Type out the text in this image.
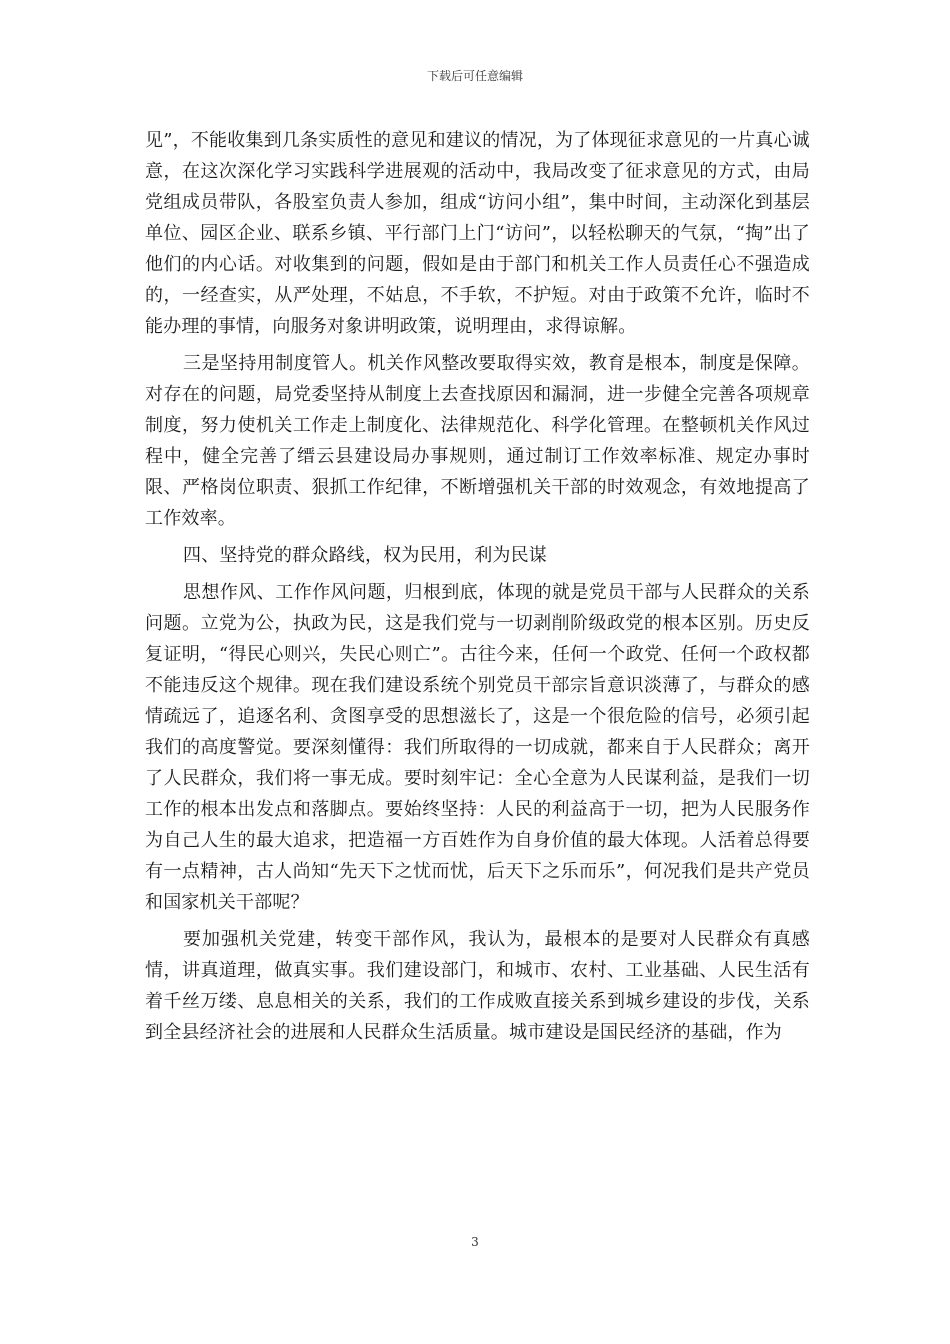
下载后可任意编辑

见”，不能收集到几条实质性的意见和建议的情况，为了体现征求意见的一片真心诚意，在这次深化学习实践科学进展观的活动中，我局改变了征求意见的方式，由局党组成员带队，各股室负责人参加，组成“访问小组”，集中时间，主动深化到基层单位、园区企业、联系乡镇、平行部门上门“访问”，以轻松聊天的气氛，“掏”出了他们的内心话。对收集到的问题，假如是由于部门和机关工作人员责任心不强造成的，一经查实，从严处理，不姑息，不手软，不护短。对由于政策不允许，临时不能办理的事情，向服务对象讲明政策，说明理由，求得谅解。

三是坚持用制度管人。机关作风整改要取得实效，教育是根本，制度是保障。对存在的问题，局党委坚持从制度上去查找原因和漏洞，进一步健全完善各项规章制度，努力使机关工作走上制度化、法律规范化、科学化管理。在整顿机关作风过程中，健全完善了缙云县建设局办事规则，通过制订工作效率标准、规定办事时限、严格岗位职责、狠抓工作纪律，不断增强机关干部的时效观念，有效地提高了工作效率。

四、坚持党的群众路线，权为民用，利为民谋

思想作风、工作作风问题，归根到底，体现的就是党员干部与人民群众的关系问题。立党为公，执政为民，这是我们党与一切剥削阶级政党的根本区别。历史反复证明，“得民心则兴，失民心则亡”。古往今来，任何一个政党、任何一个政权都不能违反这个规律。现在我们建设系统个别党员干部宗旨意识淡薄了，与群众的感情疏远了，追逐名利、贪图享受的思想滋长了，这是一个很危险的信号，必须引起我们的高度警觉。要深刻懂得：我们所取得的一切成就，都来自于人民群众；离开了人民群众，我们将一事无成。要时刻牢记：全心全意为人民谋利益，是我们一切工作的根本出发点和落脚点。要始终坚持：人民的利益高于一切，把为人民服务作为自己人生的最大追求，把造福一方百姓作为自身价值的最大体现。人活着总得要有一点精神，古人尚知“先天下之忧而忧，后天下之乐而乐”，何况我们是共产党员和国家机关干部呢？

要加强机关党建，转变干部作风，我认为，最根本的是要对人民群众有真感情，讲真道理，做真实事。我们建设部门，和城市、农村、工业基础、人民生活有着千丝万缕、息息相关的关系，我们的工作成败直接关系到城乡建设的步伐，关系到全县经济社会的进展和人民群众生活质量。城市建设是国民经济的基础，作为

3
